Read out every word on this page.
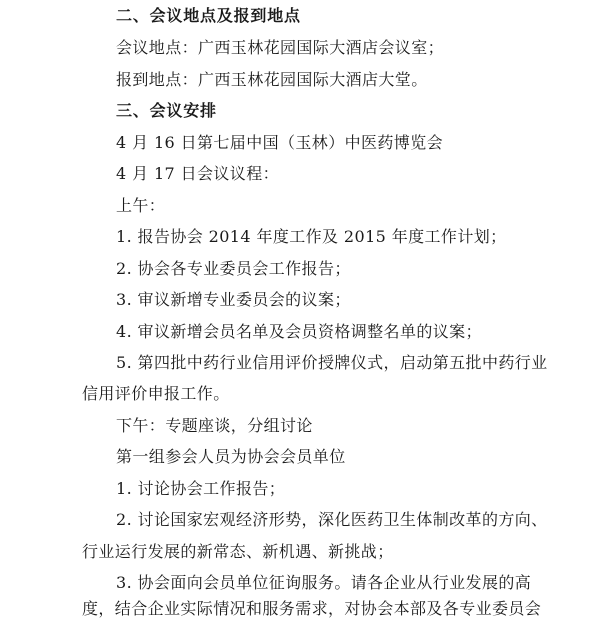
二、会议地点及报到地点
会议地点：广西玉林花园国际大酒店会议室；
报到地点：广西玉林花园国际大酒店大堂。
三、会议安排
4 月 16 日第七届中国（玉林）中医药博览会
4 月 17 日会议议程：
上午：
1. 报告协会 2014 年度工作及 2015 年度工作计划；
2. 协会各专业委员会工作报告；
3. 审议新增专业委员会的议案；
4. 审议新增会员名单及会员资格调整名单的议案；
5. 第四批中药行业信用评价授牌仪式，启动第五批中药行业
信用评价申报工作。
下午：专题座谈，分组讨论
第一组参会人员为协会会员单位
1. 讨论协会工作报告；
2. 讨论国家宏观经济形势，深化医药卫生体制改革的方向、
行业运行发展的新常态、新机遇、新挑战；
3. 协会面向会员单位征询服务。请各企业从行业发展的高
度，结合企业实际情况和服务需求，对协会本部及各专业委员会
